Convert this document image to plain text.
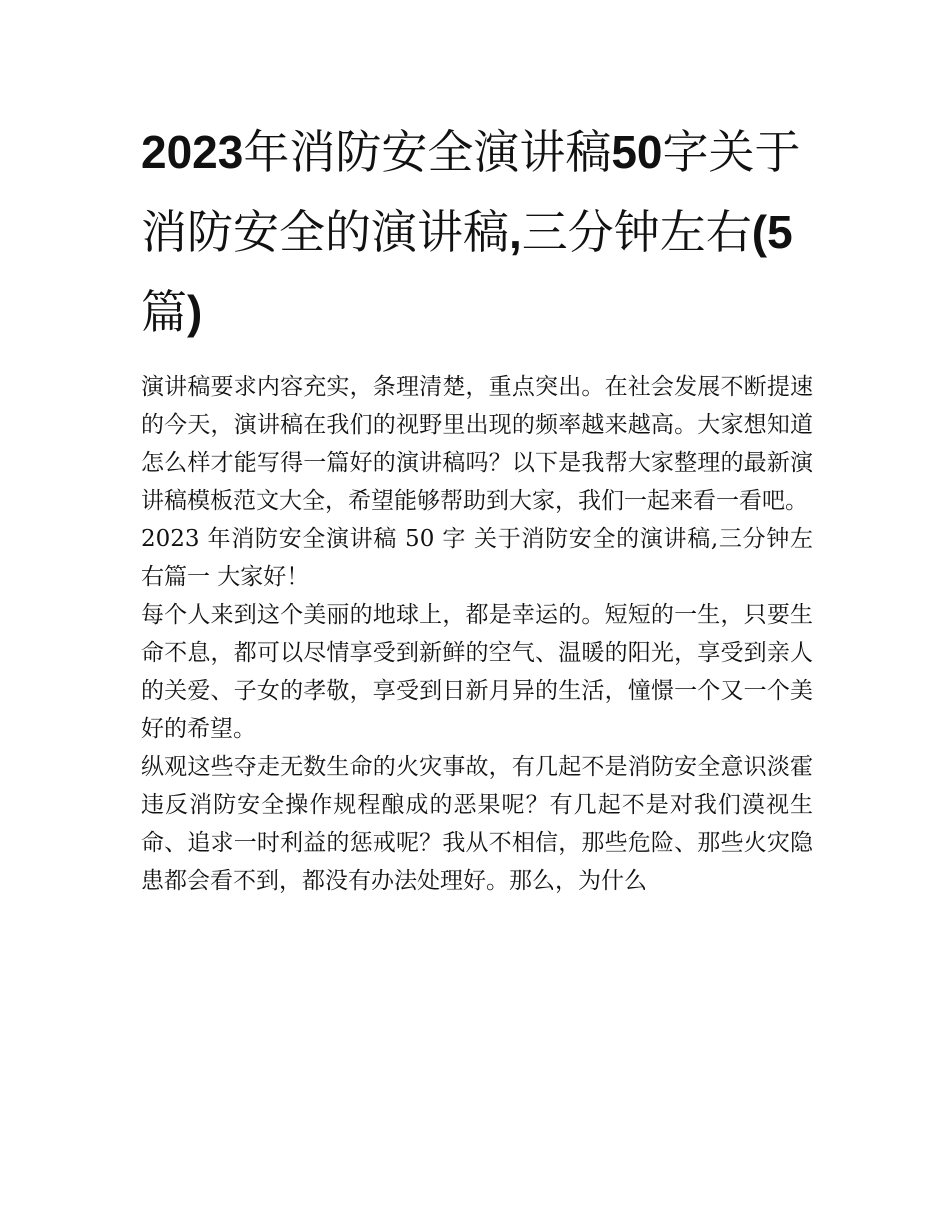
2023年消防安全演讲稿50字关于消防安全的演讲稿,三分钟左右(5篇)

演讲稿要求内容充实，条理清楚，重点突出。在社会发展不断提速的今天，演讲稿在我们的视野里出现的频率越来越高。大家想知道怎么样才能写得一篇好的演讲稿吗？以下是我帮大家整理的最新演讲稿模板范文大全，希望能够帮助到大家，我们一起来看一看吧。

2023 年消防安全演讲稿 50 字 关于消防安全的演讲稿,三分钟左右篇一 大家好！

每个人来到这个美丽的地球上，都是幸运的。短短的一生，只要生命不息，都可以尽情享受到新鲜的空气、温暖的阳光，享受到亲人的关爱、子女的孝敬，享受到日新月异的生活，憧憬一个又一个美好的希望。

纵观这些夺走无数生命的火灾事故，有几起不是消防安全意识淡霍违反消防安全操作规程酿成的恶果呢？有几起不是对我们漠视生命、追求一时利益的惩戒呢？我从不相信，那些危险、那些火灾隐患都会看不到，都没有办法处理好。那么，为什么
